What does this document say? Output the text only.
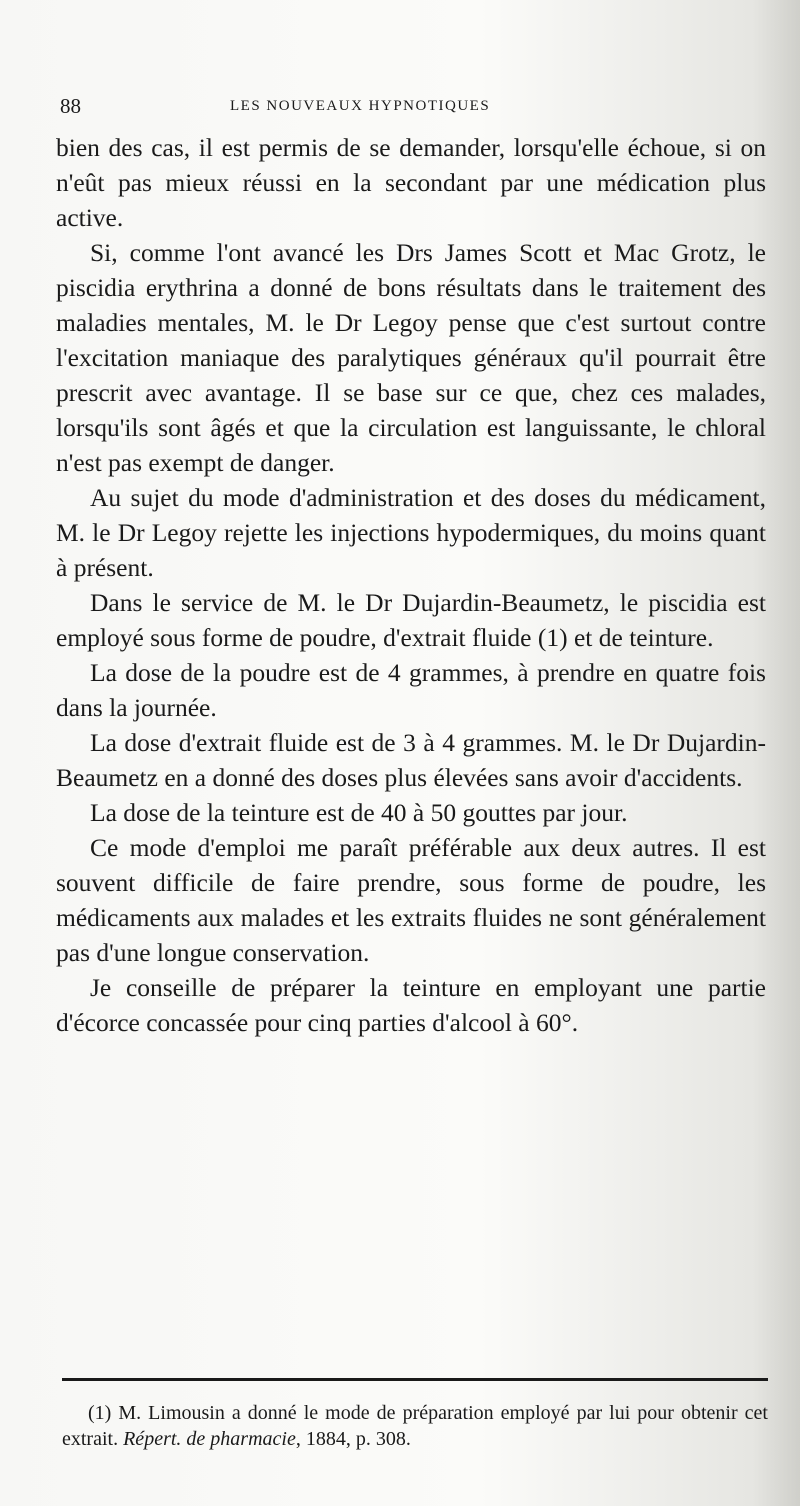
88	LES NOUVEAUX HYPNOTIQUES

bien des cas, il est permis de se demander, lorsqu'elle échoue, si on n'eût pas mieux réussi en la secondant par une médication plus active.

Si, comme l'ont avancé les Drs James Scott et Mac Grotz, le piscidia erythrina a donné de bons résultats dans le traitement des maladies mentales, M. le Dr Legoy pense que c'est surtout contre l'excitation maniaque des paralytiques généraux qu'il pourrait être prescrit avec avantage. Il se base sur ce que, chez ces malades, lorsqu'ils sont âgés et que la circulation est languissante, le chloral n'est pas exempt de danger.

Au sujet du mode d'administration et des doses du médicament, M. le Dr Legoy rejette les injections hypodermiques, du moins quant à présent.

Dans le service de M. le Dr Dujardin-Beaumetz, le piscidia est employé sous forme de poudre, d'extrait fluide (1) et de teinture.

La dose de la poudre est de 4 grammes, à prendre en quatre fois dans la journée.

La dose d'extrait fluide est de 3 à 4 grammes. M. le Dr Dujardin-Beaumetz en a donné des doses plus élevées sans avoir d'accidents.

La dose de la teinture est de 40 à 50 gouttes par jour.

Ce mode d'emploi me paraît préférable aux deux autres. Il est souvent difficile de faire prendre, sous forme de poudre, les médicaments aux malades et les extraits fluides ne sont généralement pas d'une longue conservation.

Je conseille de préparer la teinture en employant une partie d'écorce concassée pour cinq parties d'alcool à 60°.

(1) M. Limousin a donné le mode de préparation employé par lui pour obtenir cet extrait. Répert. de pharmacie, 1884, p. 308.
